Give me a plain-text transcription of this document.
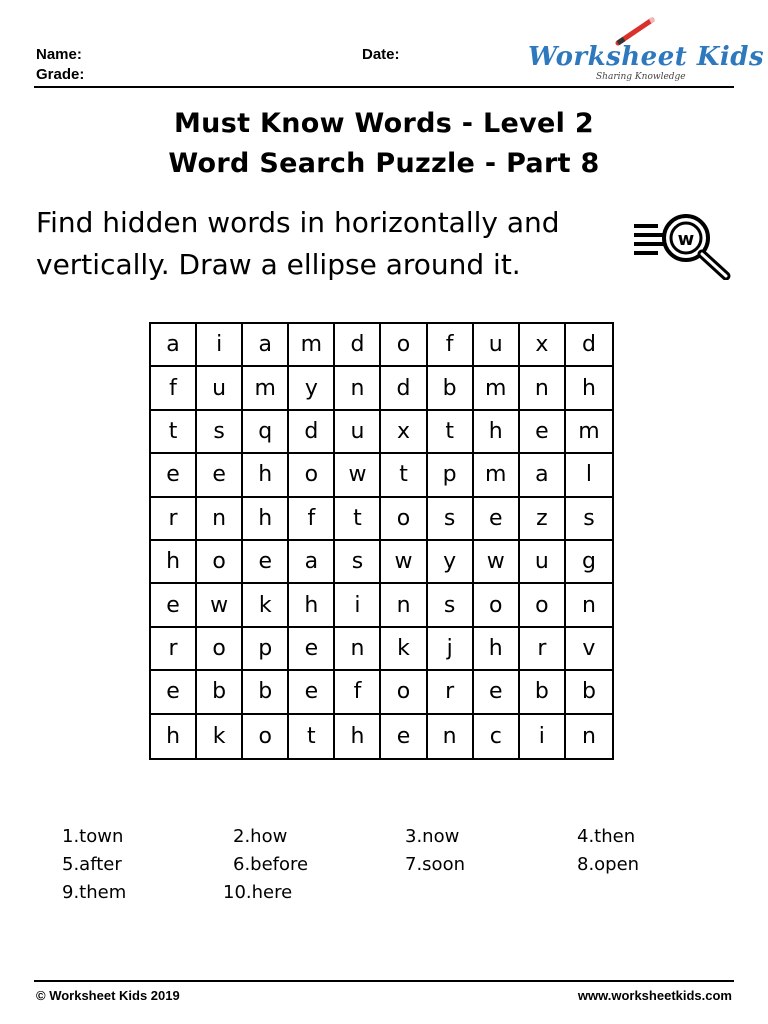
Name:
Grade:
Date:	Worksheet Kids
Sharing Knowledge
Must Know Words - Level 2
Word Search Puzzle - Part 8
Find hidden words in horizontally and
vertically. Draw a ellipse around it.
w
a	i	a	m	d	o	f	u	x	d
f	u	m	y	n	d	b	m	n	h
t	s	q	d	u	x	t	h	e	m
e	e	h	o	w	t	p	m	a	l
r	n	h	f	t	o	s	e	z	s
h	o	e	a	s	w	y	w	u	g
e	w	k	h	i	n	s	o	o	n
r	o	p	e	n	k	j	h	r	v
e	b	b	e	f	o	r	e	b	b
h	k	o	t	h	e	n	c	i	n
1.town	2.how	3.now	4.then
5.after	6.before	7.soon	8.open
9.them	10.here
© Worksheet Kids 2019	www.worksheetkids.com
